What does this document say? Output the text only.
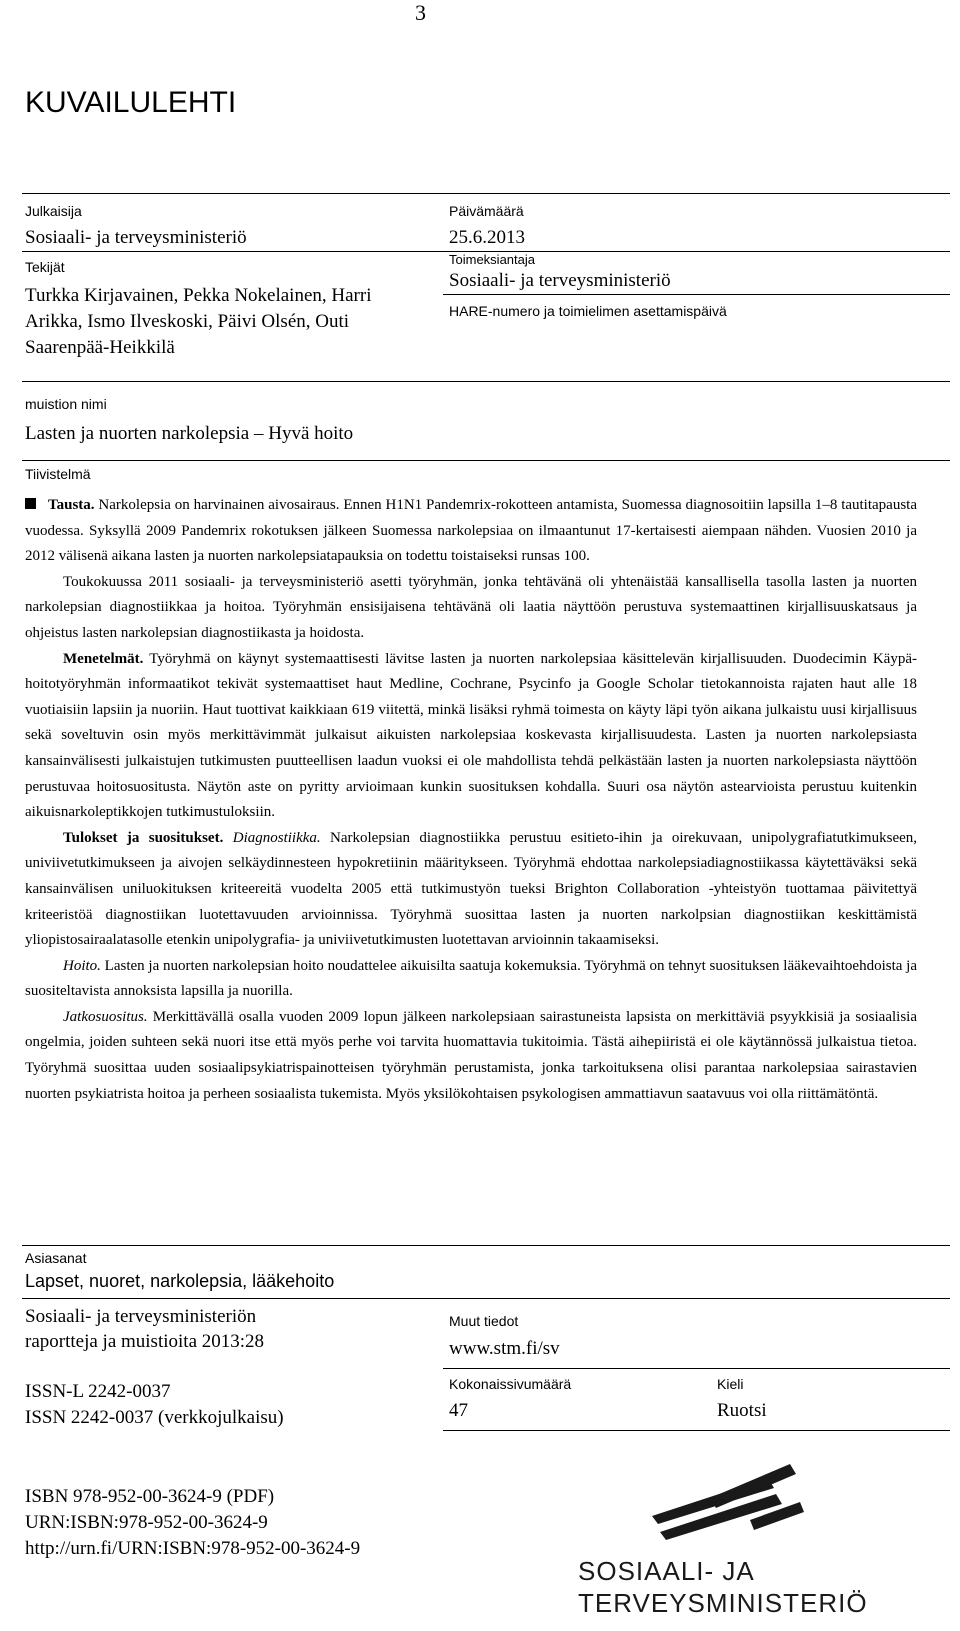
3
KUVAILULEHTI
Julkaisija
Sosiaali- ja terveysministeriö
Päivämäärä
25.6.2013
Tekijät
Turkka Kirjavainen, Pekka Nokelainen, Harri
Arikka, Ismo Ilveskoski, Päivi Olsén, Outi
Saarenpää-Heikkilä
Toimeksiantaja
Sosiaali- ja terveysministeriö
HARE-numero ja toimielimen asettamispäivä
muistion nimi
Lasten ja nuorten narkolepsia – Hyvä hoito
Tiivistelmä

Tausta. Narkolepsia on harvinainen aivosairaus. Ennen H1N1 Pandemrix-rokotteen antamista, Suomessa diagnosoitiin lapsilla 1–8 tautitapausta vuodessa. Syksyllä 2009 Pandemrix rokotuksen jälkeen Suomessa narkolepsiaa on ilmaantunut 17-kertaisesti aiempaan nähden. Vuosien 2010 ja 2012 välisenä aikana lasten ja nuorten narkolepsiatapauksia on todettu toistaiseksi runsas 100.

Toukokuussa 2011 sosiaali- ja terveysministeriö asetti työryhmän, jonka tehtävänä oli yhtenäistää kansallisella tasolla lasten ja nuorten narkolepsian diagnostiikkaa ja hoitoa. Työryhmän ensisijaisena tehtävänä oli laatia näyttöön perustuva systemaattinen kirjallisuuskatsaus ja ohjeistus lasten narkolepsian diagnostiikasta ja hoidosta.

Menetelmät. Työryhmä on käynyt systemaattisesti lävitse lasten ja nuorten narkolepsiaa käsittelevän kirjallisuuden. Duodecimin Käypä-hoitotyöryhmän informaatikot tekivät systemaattiset haut Medline, Cochrane, Psycinfo ja Google Scholar tietokannoista rajaten haut alle 18 vuotiaisiin lapsiin ja nuoriin. Haut tuottivat kaikkiaan 619 viitettä, minkä lisäksi ryhmä toimesta on käyty läpi työn aikana julkaistu uusi kirjallisuus sekä soveltuvin osin myös merkittävimmät julkaisut aikuisten narkolepsiaa koskevasta kirjallisuudesta. Lasten ja nuorten narkolepsiasta kansainvälisesti julkaistujen tutkimusten puutteellisen laadun vuoksi ei ole mahdollista tehdä pelkästään lasten ja nuorten narkolepsiasta näyttöön perustuvaa hoitosuositusta. Näytön aste on pyritty arvioimaan kunkin suosituksen kohdalla. Suuri osa näytön astearvioista perustuu kuitenkin aikuisnarkoleptikkojen tutkimustuloksiin.

Tulokset ja suositukset. Diagnostiikka. Narkolepsian diagnostiikka perustuu esitieto-ihin ja oirekuvaan, unipolygrafiatutkimukseen, univiivetutkimukseen ja aivojen selkäydinnesteen hypokretiinin määritykseen. Työryhmä ehdottaa narkolepsiadiagnostiikassa käytettäväksi sekä kansainvälisen uniluokituksen kriteereitä vuodelta 2005 että tutkimustyön tueksi Brighton Collaboration -yhteistyön tuottamaa päivitettyä kriteeristöä diagnostiikan luotettavuuden arvioinnissa. Työryhmä suosittaa lasten ja nuorten narkolpsian diagnostiikan keskittämistä yliopistosairaalatasolle etenkin unipolygrafia- ja univiivetutkimusten luotettavan arvioinnin takaamiseksi.

Hoito. Lasten ja nuorten narkolepsian hoito noudattelee aikuisilta saatuja kokemuksia. Työryhmä on tehnyt suosituksen lääkevaihtoehdoista ja suositeltavista annoksista lapsilla ja nuorilla.

Jatkosuositus. Merkittävällä osalla vuoden 2009 lopun jälkeen narkolepsiaan sairastuneista lapsista on merkittäviä psyykkisiä ja sosiaalisia ongelmia, joiden suhteen sekä nuori itse että myös perhe voi tarvita huomattavia tukitoimia. Tästä aihepiiristä ei ole käytännössä julkaistua tietoa. Työryhmä suosittaa uuden sosiaalipsykiatrispainotteisen työryhmän perustamista, jonka tarkoituksena olisi parantaa narkolepsiaa sairastavien nuorten psykiatrista hoitoa ja perheen sosiaalista tukemista. Myös yksilökohtaisen psykologisen ammattiavun saatavuus voi olla riittämätöntä.

Asiasanat
Lapset, nuoret, narkolepsia, lääkehoito
Sosiaali- ja terveysministeriön
raportteja ja muistioita 2013:28
ISSN-L 2242-0037
ISSN 2242-0037 (verkkojulkaisu)
ISBN 978-952-00-3624-9 (PDF)
URN:ISBN:978-952-00-3624-9
http://urn.fi/URN:ISBN:978-952-00-3624-9
Muut tiedot
www.stm.fi/sv
Kokonaissivumäärä
47
Kieli
Ruotsi
SOSIAALI- JA
TERVEYSMINISTERIÖ
